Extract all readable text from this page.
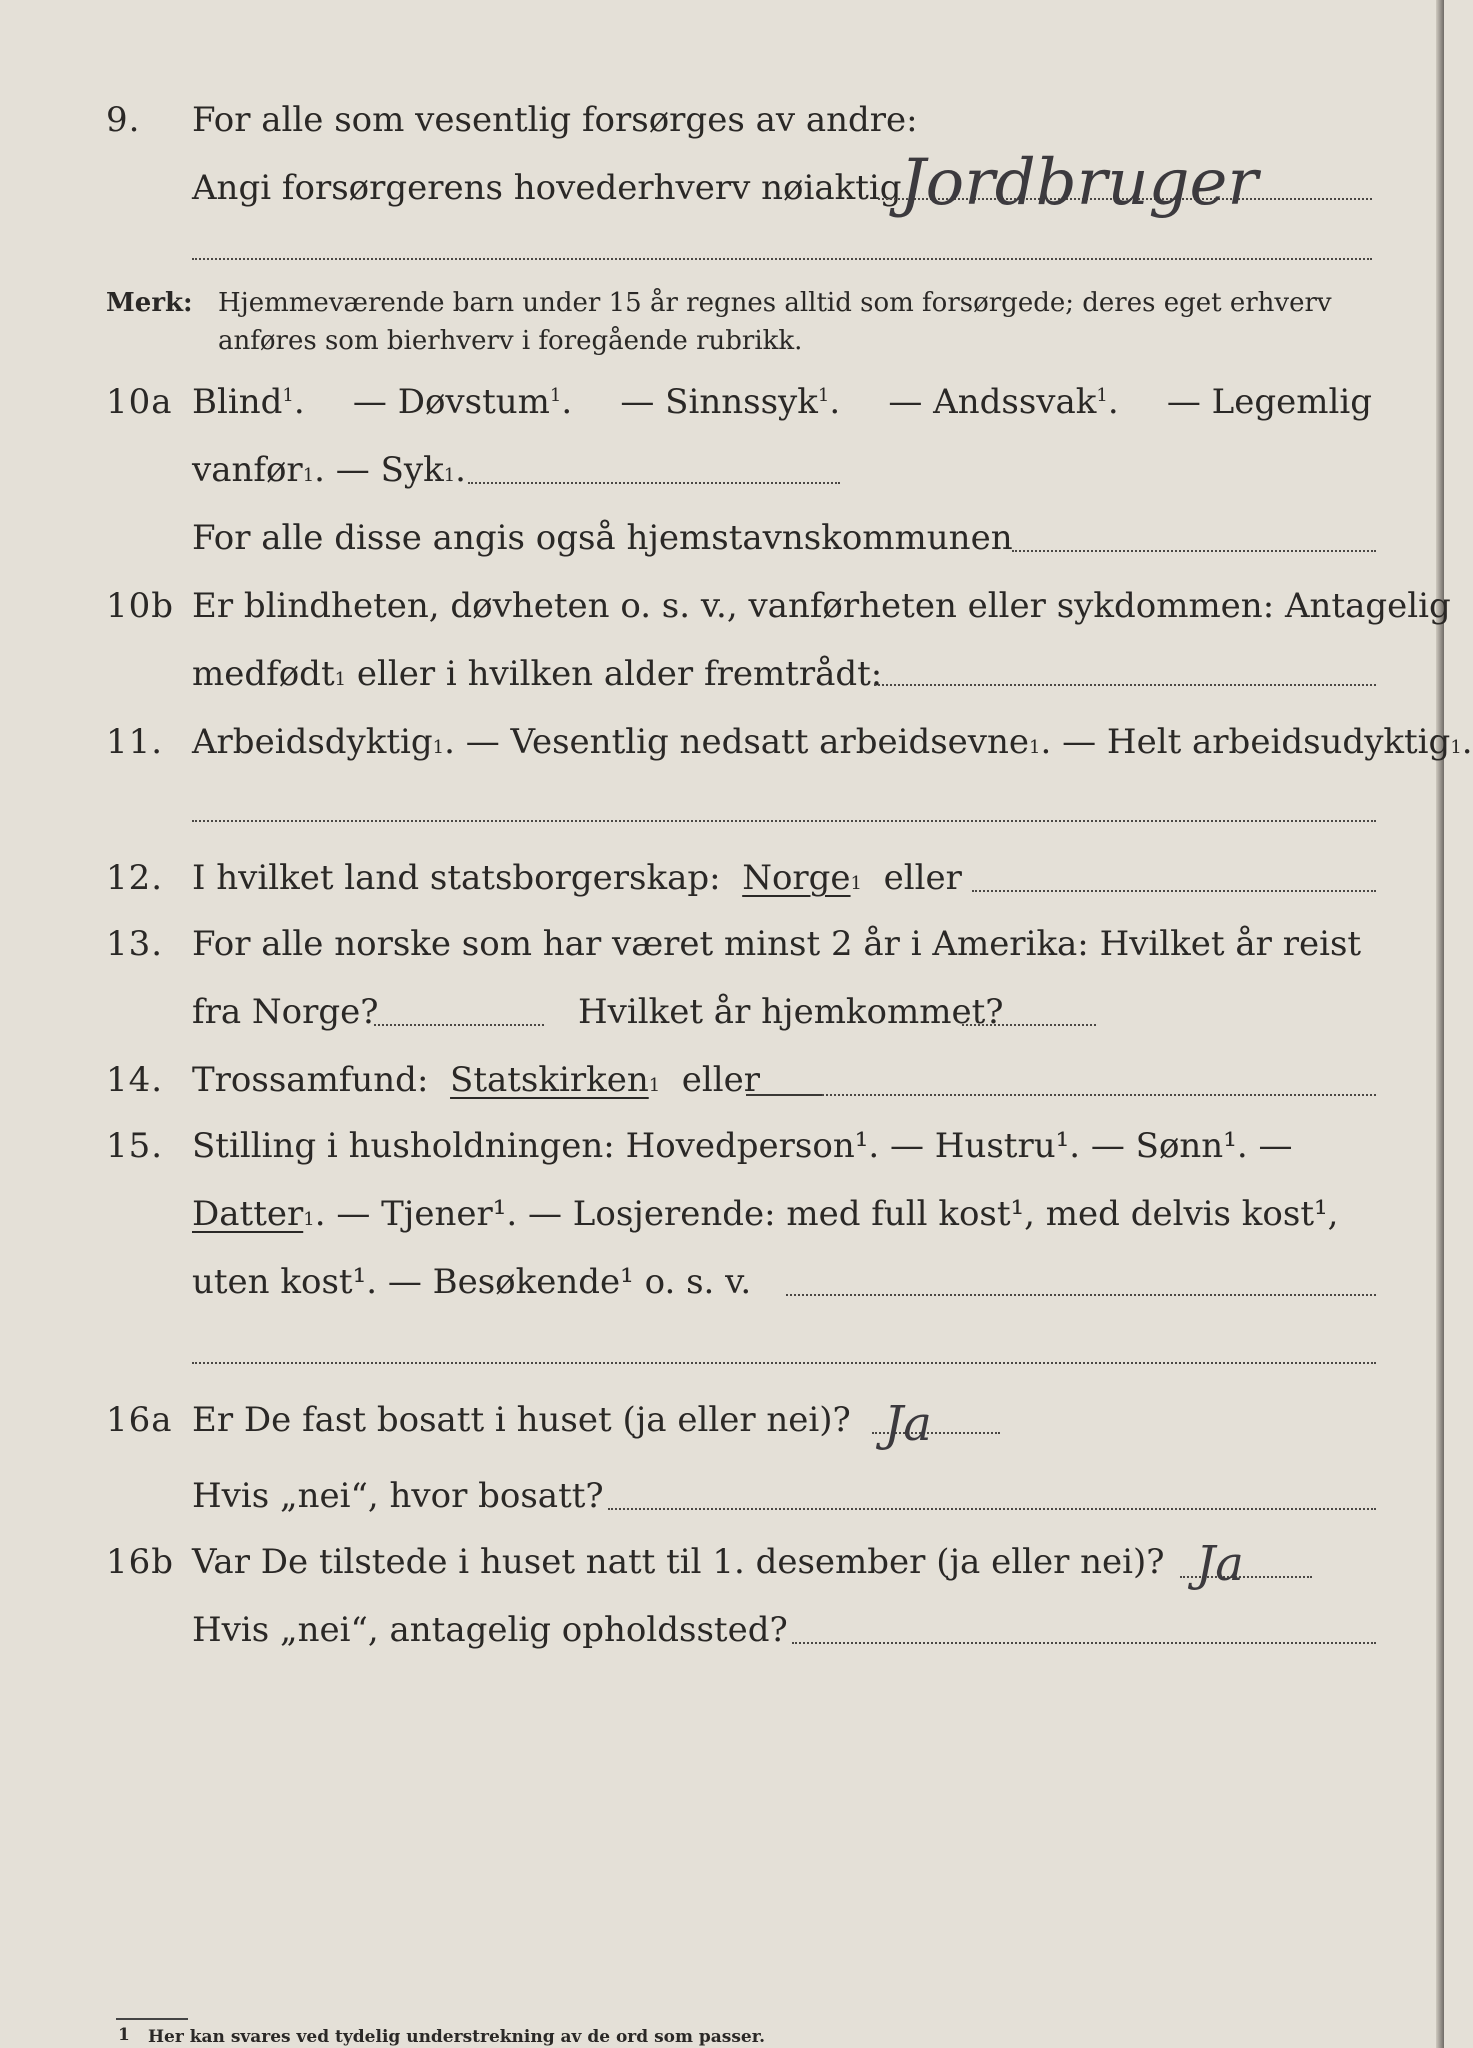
9. For alle som vesentlig forsørges av andre:
Angi forsørgerens hovederhverv nøiaktig
Jordbruger
Merk: Hjemmeværende barn under 15 år regnes alltid som forsørgede; deres eget erhverv
anføres som bierhverv i foregående rubrikk.
10a Blind$^1$. — Døvstum$^1$. — Sinnssyk$^1$. — Andssvak$^1$. — Legemlig
vanfør 1 . — Syk 1 .
For alle disse angis også hjemstavnskommunen
10b Er blindheten, døvheten o. s. v., vanførheten eller sykdommen: Antagelig
medfødt 1
eller i hvilken alder fremtrådt:
11. Arbeidsdyktig 1 . — Vesentlig nedsatt arbeidsevne 1 . — Helt arbeidsudyktig 1 .
12. I hvilket land statsborgerskap:
Norge 1
eller
13. For alle norske som har været minst 2 år i Amerika: Hvilket år reist
fra Norge?	Hvilket år hjemkommet?
14. Trossamfund:
Statskirken 1
eller
15. Stilling i husholdningen: Hovedperson¹. — Hustru¹. — Sønn¹. —
Datter 1 . — Tjener¹. — Losjerende: med full kost¹, med delvis kost¹,
uten kost¹. — Besøkende¹ o. s. v.
16a Er De fast bosatt i huset (ja eller nei)? Ja
Hvis „nei“, hvor bosatt?
16b Var De tilstede i huset natt til 1. desember (ja eller nei)? Ja
Hvis „nei“, antagelig opholdssted?
1 Her kan svares ved tydelig understrekning av de ord som passer.
